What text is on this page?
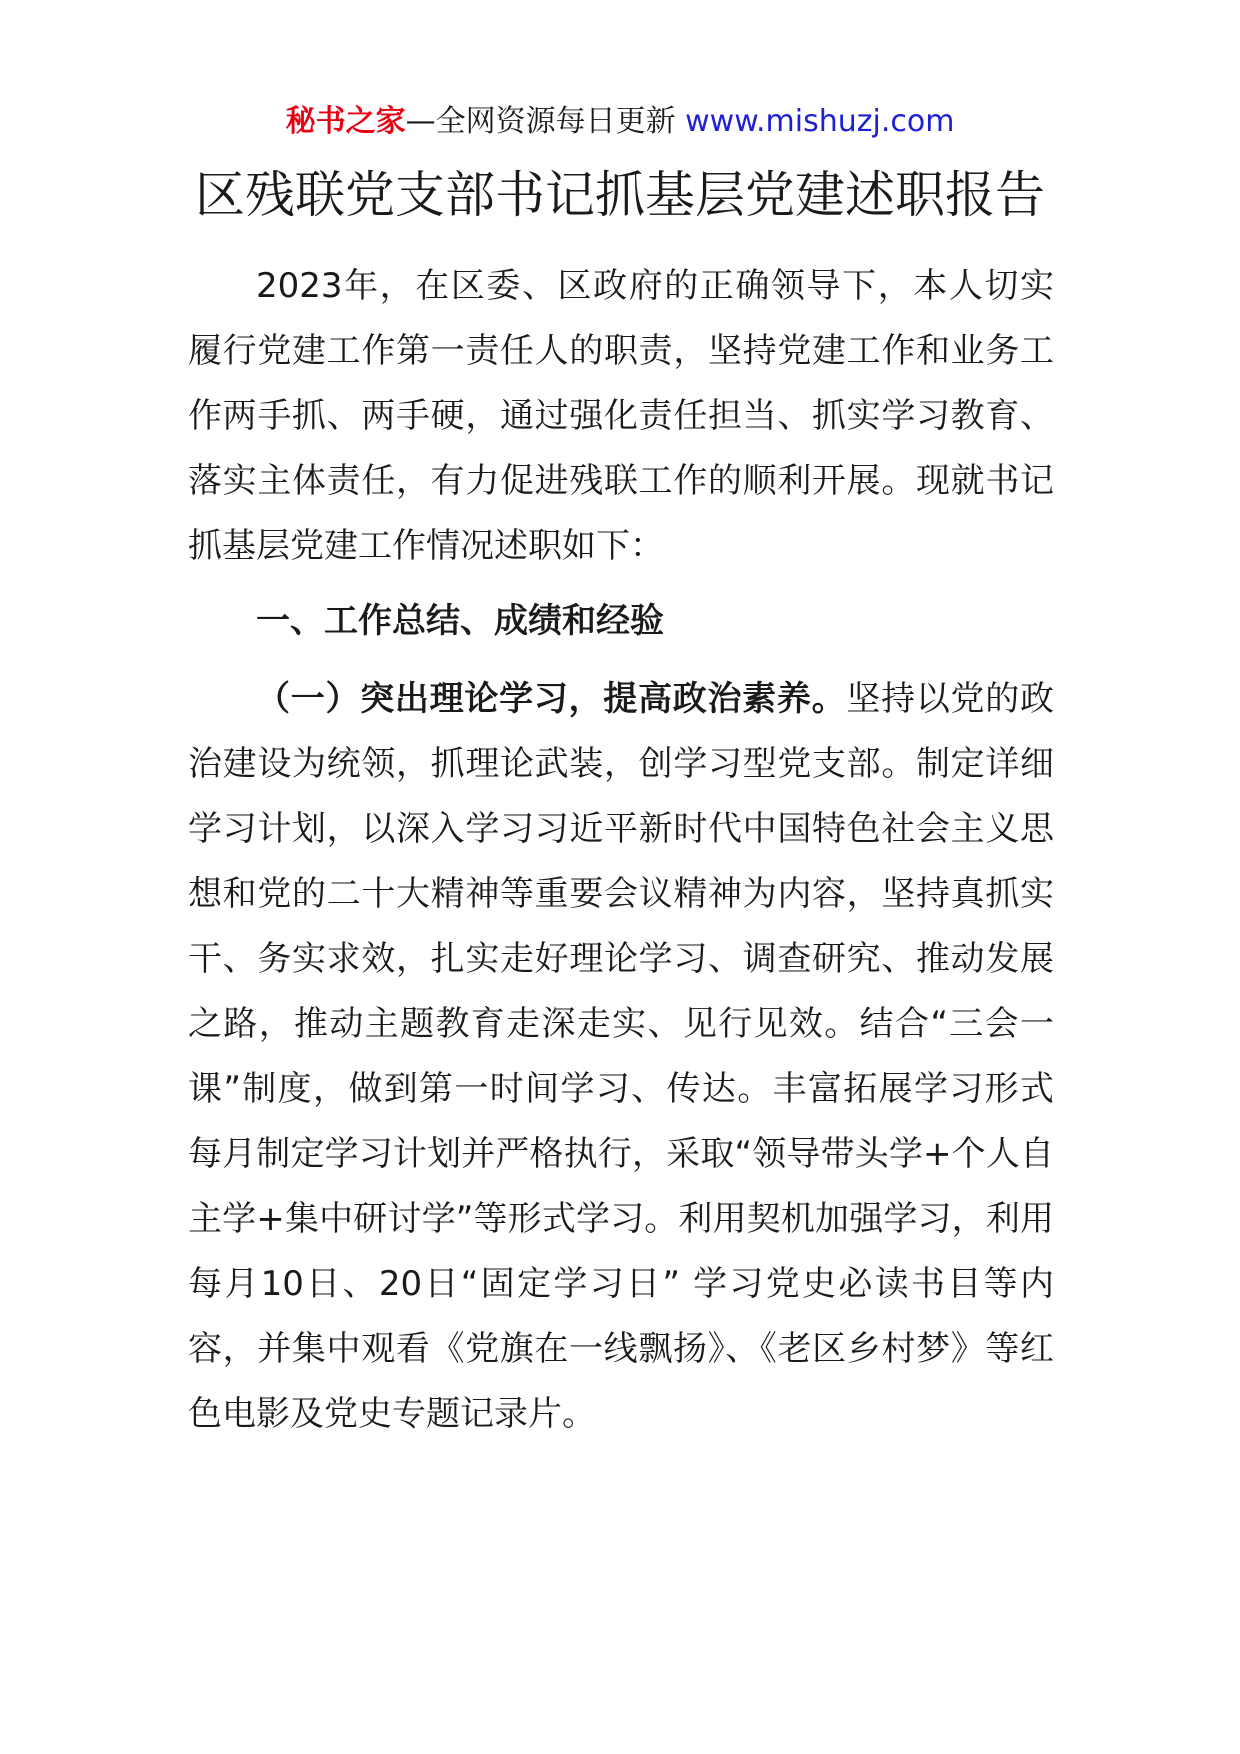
秘书之家—全网资源每日更新 www.mishuzj.com
区残联党支部书记抓基层党建述职报告

2023年，在区委、区政府的正确领导下，本人切实履行党建工作第一责任人的职责，坚持党建工作和业务工作两手抓、两手硬，通过强化责任担当、抓实学习教育、落实主体责任，有力促进残联工作的顺利开展。现就书记抓基层党建工作情况述职如下：

一、工作总结、成绩和经验

（一）突出理论学习，提高政治素养。坚持以党的政治建设为统领，抓理论武装，创学习型党支部。制定详细学习计划，以深入学习习近平新时代中国特色社会主义思想和党的二十大精神等重要会议精神为内容，坚持真抓实干、务实求效，扎实走好理论学习、调查研究、推动发展之路，推动主题教育走深走实、见行见效。结合“三会一课”制度，做到第一时间学习、传达。丰富拓展学习形式每月制定学习计划并严格执行，采取“领导带头学+个人自主学+集中研讨学”等形式学习。利用契机加强学习，利用每月10日、20日“固定学习日” 学习党史必读书目等内容，并集中观看《党旗在一线飘扬》、《老区乡村梦》等红色电影及党史专题记录片。
